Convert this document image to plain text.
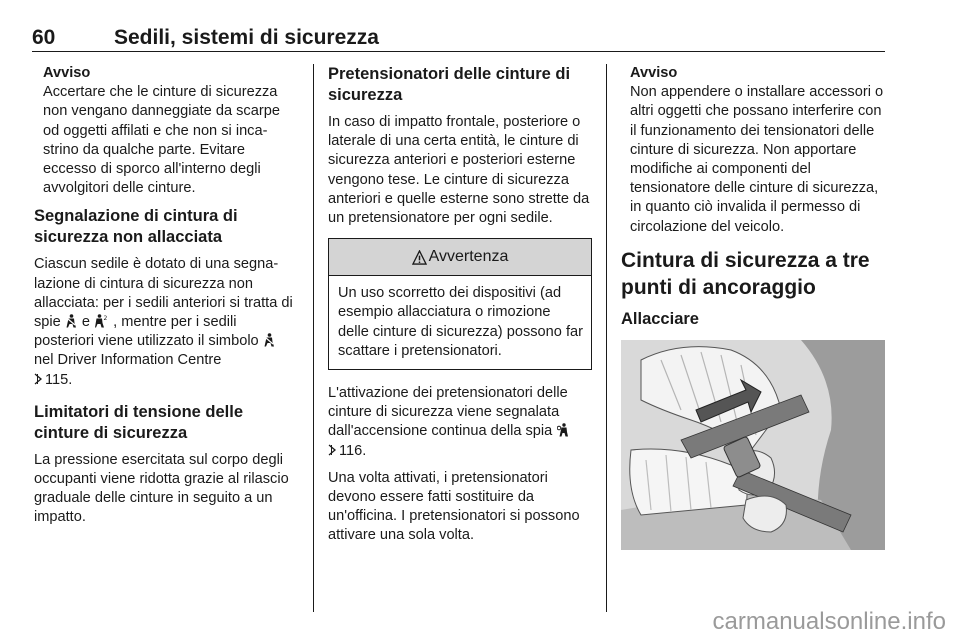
60	Sedili, sistemi di sicurezza
Avviso
Accertare che le cinture di sicurezza non vengano danneggiate da scarpe od oggetti affilati e che non si incastrino da qualche parte. Evitare eccesso di sporco all'interno degli avvolgitori delle cinture.
Segnalazione di cintura di sicurezza non allacciata

Ciascun sedile è dotato di una segnalazione di cintura di sicurezza non allacciata: per i sedili anteriori si tratta di spie e 2 , mentre per i sedili posteriori viene utilizzato il simbolo  nel Driver Information Centre
115.

Limitatori di tensione delle cinture di sicurezza

La pressione esercitata sul corpo degli occupanti viene ridotta grazie al rilascio graduale delle cinture in seguito a un impatto.

Pretensionatori delle cinture di sicurezza

In caso di impatto frontale, posteriore o laterale di una certa entità, le cinture di sicurezza anteriori e posteriori esterne vengono tese. Le cinture di sicurezza anteriori e quelle esterne sono strette da un pretensionatore per ogni sedile.

Avvertenza
Un uso scorretto dei dispositivi (ad esempio allacciatura o rimozione delle cinture di sicurezza) possono far scattare i pretensionatori.

L'attivazione dei pretensionatori delle cinture di sicurezza viene segnalata dall'accensione continua della spia
116.

Una volta attivati, i pretensionatori devono essere fatti sostituire da un'officina. I pretensionatori si possono attivare una sola volta.

Avviso
Non appendere o installare accessori o altri oggetti che possano interferire con il funzionamento dei tensionatori delle cinture di sicurezza. Non apportare modifiche ai componenti del tensionatore delle cinture di sicurezza, in quanto ciò invalida il permesso di circolazione del veicolo.
Cintura di sicurezza a tre punti di ancoraggio
Allacciare
carmanualsonline.info
